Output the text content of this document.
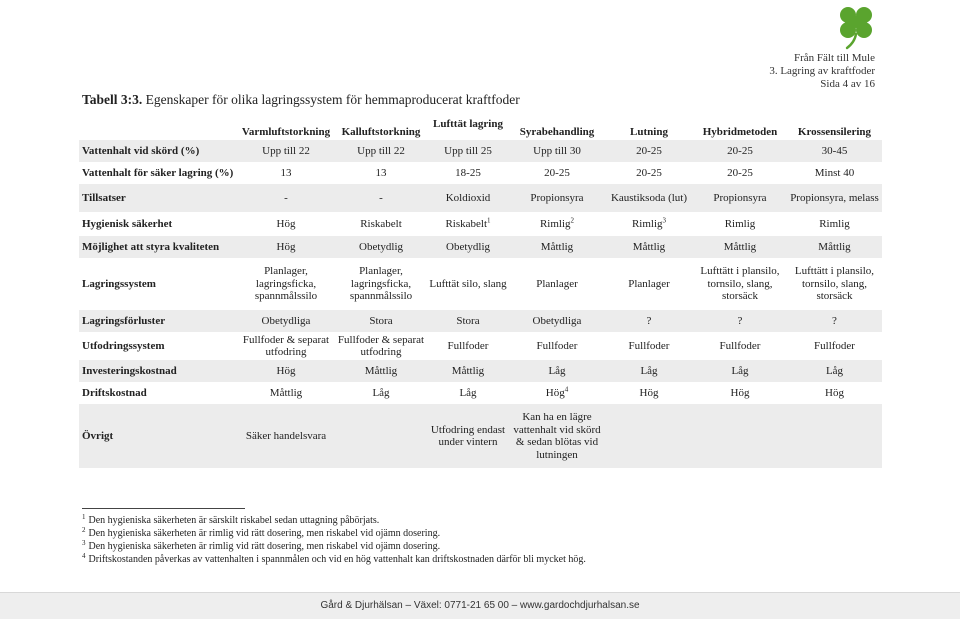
Från Fält till Mule
3. Lagring av kraftfoder
Sida 4 av 16
Tabell 3:3. Egenskaper för olika lagringssystem för hemmaproducerat kraftfoder
	Varmluftstorkning	Kalluftstorkning	Lufttät lagring	Syrabehandling	Lutning	Hybridmetoden	Krossensilering
Vattenhalt vid skörd (%)	Upp till 22	Upp till 22	Upp till 25	Upp till 30	20-25	20-25	30-45
Vattenhalt för säker lagring (%)	13	13	18-25	20-25	20-25	20-25	Minst 40
Tillsatser	-	-	Koldioxid	Propionsyra	Kaustiksoda (lut)	Propionsyra	Propionsyra, melass
Hygienisk säkerhet	Hög	Riskabelt	Riskabelt$^1$	Rimlig$^2$	Rimlig$^3$	Rimlig	Rimlig
Möjlighet att styra kvaliteten	Hög	Obetydlig	Obetydlig	Måttlig	Måttlig	Måttlig	Måttlig
Lagringssystem	Planlager, lagringsficka, spannmålssilo	Planlager, lagringsficka, spannmålssilo	Lufttät silo, slang	Planlager	Planlager	Lufttätt i plansilo, tornsilo, slang, storsäck	Lufttätt i plansilo, tornsilo, slang, storsäck
Lagringsförluster	Obetydliga	Stora	Stora	Obetydliga	?	?	?
Utfodringssystem	Fullfoder & separat utfodring	Fullfoder & separat utfodring	Fullfoder	Fullfoder	Fullfoder	Fullfoder	Fullfoder
Investeringskostnad	Hög	Måttlig	Måttlig	Låg	Låg	Låg	Låg
Driftskostnad	Måttlig	Låg	Låg	Hög$^4$	Hög	Hög	Hög
Övrigt	Säker handelsvara		Utfodring endast under vintern	Kan ha en lägre vattenhalt vid skörd & sedan blötas vid lutningen			
$^1$ Den hygieniska säkerheten är särskilt riskabel sedan uttagning påbörjats.
$^2$ Den hygieniska säkerheten är rimlig vid rätt dosering, men riskabel vid ojämn dosering.
$^3$ Den hygieniska säkerheten är rimlig vid rätt dosering, men riskabel vid ojämn dosering.
$^4$ Driftskostanden påverkas av vattenhalten i spannmålen och vid en hög vattenhalt kan driftskostnaden därför bli mycket hög.
Gård & Djurhälsan – Växel: 0771-21 65 00 – www.gardochdjurhalsan.se
